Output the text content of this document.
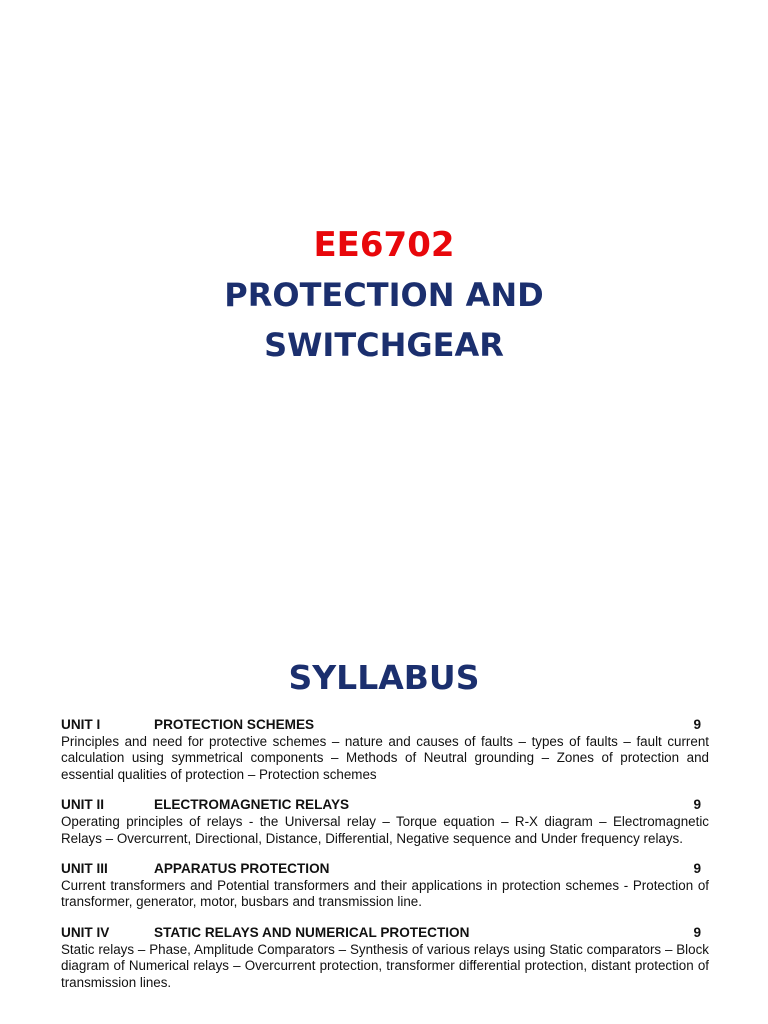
EE6702
PROTECTION AND
SWITCHGEAR
SYLLABUS
UNIT I	PROTECTION SCHEMES	9
Principles and need for protective schemes – nature and causes of faults – types of faults – fault current calculation using symmetrical components – Methods of Neutral grounding – Zones of protection and essential qualities of protection – Protection schemes
UNIT II	ELECTROMAGNETIC RELAYS	9
Operating principles of relays - the Universal relay – Torque equation – R-X diagram – Electromagnetic Relays – Overcurrent, Directional, Distance, Differential, Negative sequence and Under frequency relays.
UNIT III	APPARATUS PROTECTION	9
Current transformers and Potential transformers and their applications in protection schemes - Protection of transformer, generator, motor, busbars and transmission line.
UNIT IV	STATIC RELAYS AND NUMERICAL PROTECTION	9
Static relays – Phase, Amplitude Comparators – Synthesis of various relays using Static comparators – Block diagram of Numerical relays – Overcurrent protection, transformer differential protection, distant protection of transmission lines.
